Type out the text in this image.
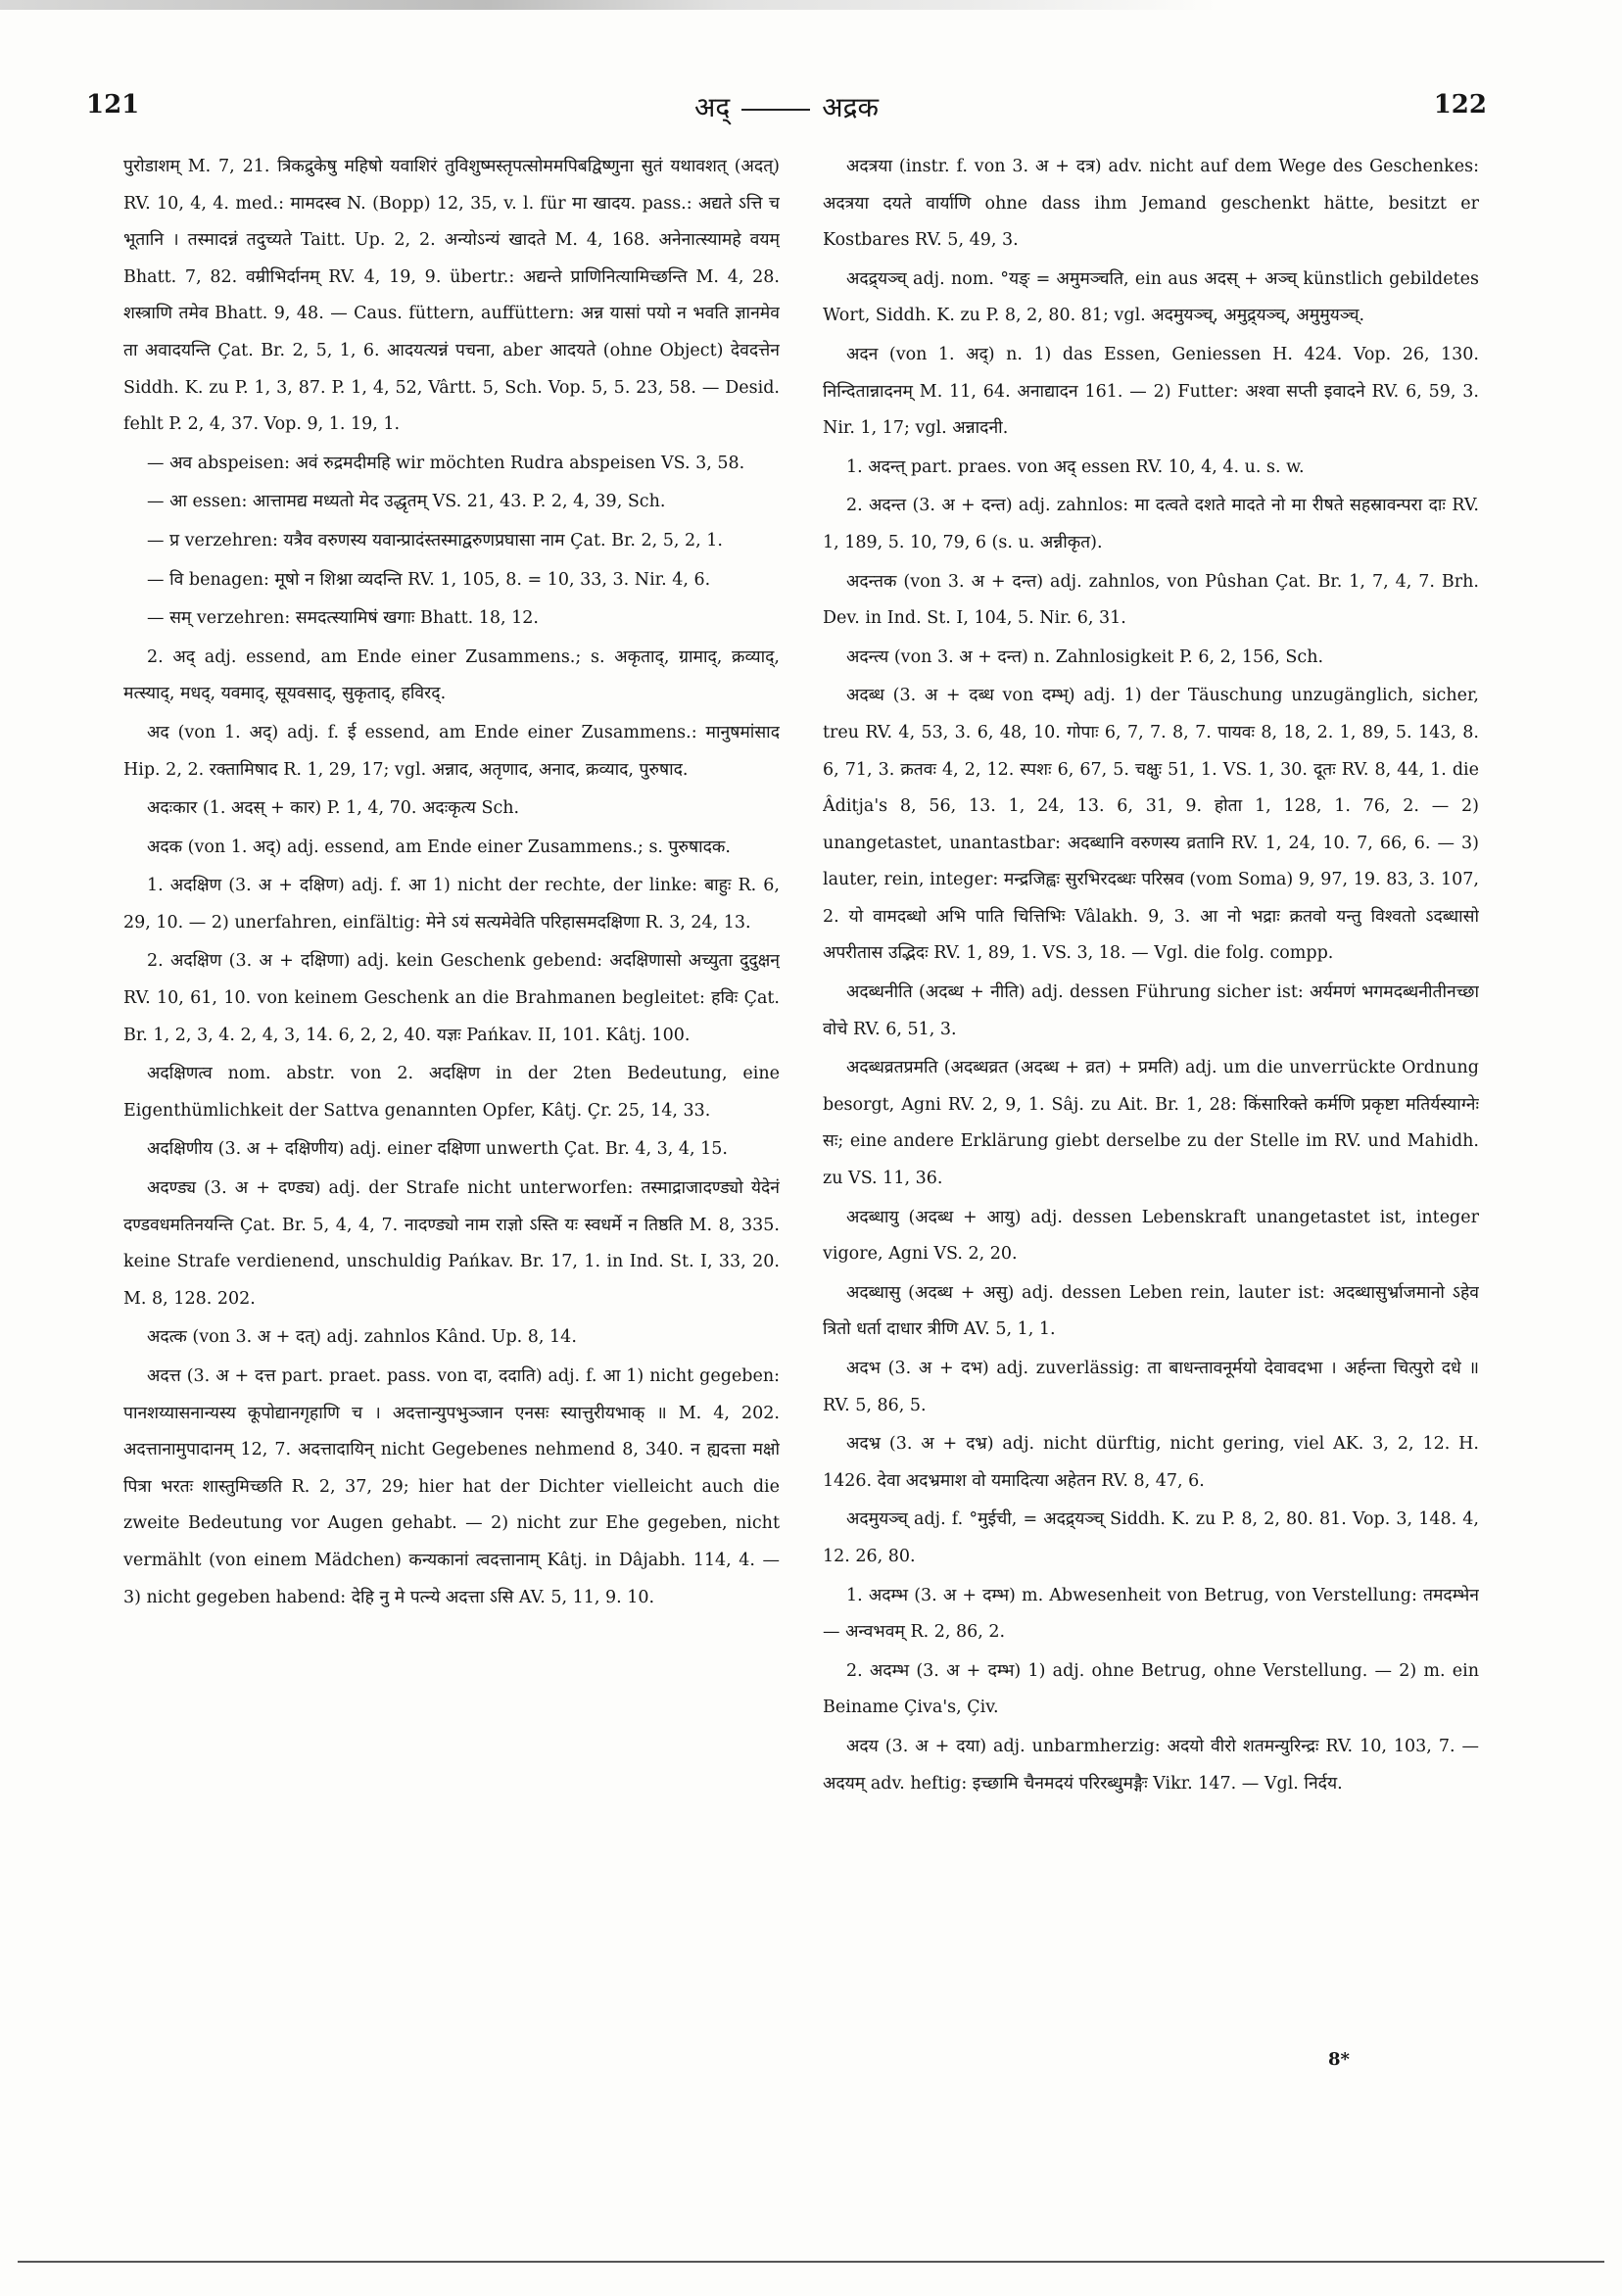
121	अद्	अद्रक	122

पुरोडाशम् M. 7, 21. त्रिकद्रुकेषु महिषो यवाशिरं तुविशुष्मस्तृपत्सोममपिबद्विष्णुना सुतं यथावशत् (अदत्) RV. 10, 4, 4. med.: मामदस्व N. (Bopp) 12, 35, v. l. für मा खादय. pass.: अद्यते ऽत्ति च भूतानि । तस्मादन्नं तदुच्यते Taitt. Up. 2, 2. अन्योऽन्यं खादते M. 4, 168. अनेनात्स्यामहे वयम् Bhatt. 7, 82. वम्रीभिर्दानम् RV. 4, 19, 9. übertr.: अद्यन्ते प्राणिनित्यामिच्छन्ति M. 4, 28. शस्त्राणि तमेव Bhatt. 9, 48. — Caus. füttern, auffüttern: अन्न यासां पयो न भवति ज्ञानमेव ता अवादयन्ति Çat. Br. 2, 5, 1, 6. आदयत्यन्नं पचना, aber आदयते (ohne Object) देवदत्तेन Siddh. K. zu P. 1, 3, 87. P. 1, 4, 52, Vârtt. 5, Sch. Vop. 5, 5. 23, 58. — Desid. fehlt P. 2, 4, 37. Vop. 9, 1. 19, 1.

— अव abspeisen: अवं रुद्रमदीमहि wir möchten Rudra abspeisen VS. 3, 58.

— आ essen: आत्तामद्य मध्यतो मेद उद्धृतम् VS. 21, 43. P. 2, 4, 39, Sch.

— प्र verzehren: यत्रैव वरुणस्य यवान्प्रादंस्तस्माद्वरुणप्रघासा नाम Çat. Br. 2, 5, 2, 1.

— वि benagen: मूषो न शिश्ना व्यदन्ति RV. 1, 105, 8. = 10, 33, 3. Nir. 4, 6.

— सम् verzehren: समदत्स्यामिषं खगाः Bhatt. 18, 12.

2. अद् adj. essend, am Ende einer Zusammens.; s. अकृताद्, ग्रामाद्, क्रव्याद्, मत्स्याद्, मधद्, यवमाद्, सूयवसाद्, सुकृताद्, हविरद्.

अद (von 1. अद्) adj. f. ई essend, am Ende einer Zusammens.: मानुषमांसाद Hip. 2, 2. रक्तामिषाद R. 1, 29, 17; vgl. अन्नाद, अतृणाद, अनाद, क्रव्याद, पुरुषाद.

अदःकार (1. अदस् + कार) P. 1, 4, 70. अदःकृत्य Sch.

अदक (von 1. अद्) adj. essend, am Ende einer Zusammens.; s. पुरुषादक.

1. अदक्षिण (3. अ + दक्षिण) adj. f. आ 1) nicht der rechte, der linke: बाहुः R. 6, 29, 10. — 2) unerfahren, einfältig: मेने ऽयं सत्यमेवेति परिहासमदक्षिणा R. 3, 24, 13.

2. अदक्षिण (3. अ + दक्षिणा) adj. kein Geschenk gebend: अदक्षिणासो अच्युता दुदुक्षन् RV. 10, 61, 10. von keinem Geschenk an die Brahmanen begleitet: हविः Çat. Br. 1, 2, 3, 4. 2, 4, 3, 14. 6, 2, 2, 40. यज्ञः Pańkav. II, 101. Kâtj. 100.

अदक्षिणत्व nom. abstr. von 2. अदक्षिण in der 2ten Bedeutung, eine Eigenthümlichkeit der Sattva genannten Opfer, Kâtj. Çr. 25, 14, 33.

अदक्षिणीय (3. अ + दक्षिणीय) adj. einer दक्षिणा unwerth Çat. Br. 4, 3, 4, 15.

अदण्ड्य (3. अ + दण्ड्य) adj. der Strafe nicht unterworfen: तस्माद्राजादण्ड्यो येदेनं दण्डवधमतिनयन्ति Çat. Br. 5, 4, 4, 7. नादण्ड्यो नाम राज्ञो ऽस्ति यः स्वधर्मे न तिष्ठति M. 8, 335. keine Strafe verdienend, unschuldig Pańkav. Br. 17, 1. in Ind. St. I, 33, 20. M. 8, 128. 202.

अदत्क (von 3. अ + दत्) adj. zahnlos Kând. Up. 8, 14.

अदत्त (3. अ + दत्त part. praet. pass. von दा, ददाति) adj. f. आ 1) nicht gegeben: पानशय्यासनान्यस्य कूपोद्यानगृहाणि च । अदत्तान्युपभुञ्जान एनसः स्यात्तुरीयभाक् ॥ M. 4, 202. अदत्तानामुपादानम् 12, 7. अदत्तादायिन् nicht Gegebenes nehmend 8, 340. न ह्यदत्ता मक्षो पित्रा भरतः शास्तुमिच्छति R. 2, 37, 29; hier hat der Dichter vielleicht auch die zweite Bedeutung vor Augen gehabt. — 2) nicht zur Ehe gegeben, nicht vermählt (von einem Mädchen) कन्यकानां त्वदत्तानाम् Kâtj. in Dâjabh. 114, 4. — 3) nicht gegeben habend: देहि नु मे पत्न्ये अदत्ता ऽसि AV. 5, 11, 9. 10.

अदत्रया (instr. f. von 3. अ + दत्र) adv. nicht auf dem Wege des Geschenkes: अदत्रया दयते वार्याणि ohne dass ihm Jemand geschenkt hätte, besitzt er Kostbares RV. 5, 49, 3.

अदद्र्यञ्च् adj. nom. °यङ् = अमुमञ्चति, ein aus अदस् + अञ्च् künstlich gebildetes Wort, Siddh. K. zu P. 8, 2, 80. 81; vgl. अदमुयञ्च्, अमुद्र्यञ्च्, अमुमुयञ्च्.

अदन (von 1. अद्) n. 1) das Essen, Geniessen H. 424. Vop. 26, 130. निन्दितान्नादनम् M. 11, 64. अनाद्यादन 161. — 2) Futter: अश्वा सप्ती इवादने RV. 6, 59, 3. Nir. 1, 17; vgl. अन्नादनी.

1. अदन्त् part. praes. von अद् essen RV. 10, 4, 4. u. s. w.

2. अदन्त (3. अ + दन्त) adj. zahnlos: मा दत्वते दशते मादते नो मा रीषते सहस्रावन्परा दाः RV. 1, 189, 5. 10, 79, 6 (s. u. अन्नीकृत).

अदन्तक (von 3. अ + दन्त) adj. zahnlos, von Pûshan Çat. Br. 1, 7, 4, 7. Brh. Dev. in Ind. St. I, 104, 5. Nir. 6, 31.

अदन्त्य (von 3. अ + दन्त) n. Zahnlosigkeit P. 6, 2, 156, Sch.

अदब्ध (3. अ + दब्ध von दम्भ्) adj. 1) der Täuschung unzugänglich, sicher, treu RV. 4, 53, 3. 6, 48, 10. गोपाः 6, 7, 7. 8, 7. पायवः 8, 18, 2. 1, 89, 5. 143, 8. 6, 71, 3. क्रतवः 4, 2, 12. स्पशः 6, 67, 5. चक्षुः 51, 1. VS. 1, 30. दूतः RV. 8, 44, 1. die Âditja's 8, 56, 13. 1, 24, 13. 6, 31, 9. होता 1, 128, 1. 76, 2. — 2) unangetastet, unantastbar: अदब्धानि वरुणस्य व्रतानि RV. 1, 24, 10. 7, 66, 6. — 3) lauter, rein, integer: मन्द्रजिह्वः सुरभिरदब्धः परिस्रव (vom Soma) 9, 97, 19. 83, 3. 107, 2. यो वामदब्धो अभि पाति चित्तिभिः Vâlakh. 9, 3. आ नो भद्राः क्रतवो यन्तु विश्वतो ऽदब्धासो अपरीतास उद्भिदः RV. 1, 89, 1. VS. 3, 18. — Vgl. die folg. compp.

अदब्धनीति (अदब्ध + नीति) adj. dessen Führung sicher ist: अर्यमणं भगमदब्धनीतीनच्छा वोचे RV. 6, 51, 3.

अदब्धव्रतप्रमति (अदब्धव्रत (अदब्ध + व्रत) + प्रमति) adj. um die unverrückte Ordnung besorgt, Agni RV. 2, 9, 1. Sâj. zu Ait. Br. 1, 28: किंसारिक्ते कर्मणि प्रकृष्टा मतिर्यस्याग्नेः सः; eine andere Erklärung giebt derselbe zu der Stelle im RV. und Mahidh. zu VS. 11, 36.

अदब्धायु (अदब्ध + आयु) adj. dessen Lebenskraft unangetastet ist, integer vigore, Agni VS. 2, 20.

अदब्धासु (अदब्ध + असु) adj. dessen Leben rein, lauter ist: अदब्धासुर्भ्राजमानो ऽहेव त्रितो धर्ता दाधार त्रीणि AV. 5, 1, 1.

अदभ (3. अ + दभ) adj. zuverlässig: ता बाधन्तावनूर्मयो देवावदभा । अर्हन्ता चित्पुरो दधे ॥ RV. 5, 86, 5.

अदभ्र (3. अ + दभ्र) adj. nicht dürftig, nicht gering, viel AK. 3, 2, 12. H. 1426. देवा अदभ्रमाश वो यमादित्या अहेतन RV. 8, 47, 6.

अदमुयञ्च् adj. f. °मुईची, = अदद्र्यञ्च् Siddh. K. zu P. 8, 2, 80. 81. Vop. 3, 148. 4, 12. 26, 80.

1. अदम्भ (3. अ + दम्भ) m. Abwesenheit von Betrug, von Verstellung: तमदम्भेन — अन्वभवम् R. 2, 86, 2.

2. अदम्भ (3. अ + दम्भ) 1) adj. ohne Betrug, ohne Verstellung. — 2) m. ein Beiname Çiva's, Çiv.

अदय (3. अ + दया) adj. unbarmherzig: अदयो वीरो शतमन्युरिन्द्रः RV. 10, 103, 7. — अदयम् adv. heftig: इच्छामि चैनमदयं परिरब्धुमङ्गैः Vikr. 147. — Vgl. निर्दय.

8*
